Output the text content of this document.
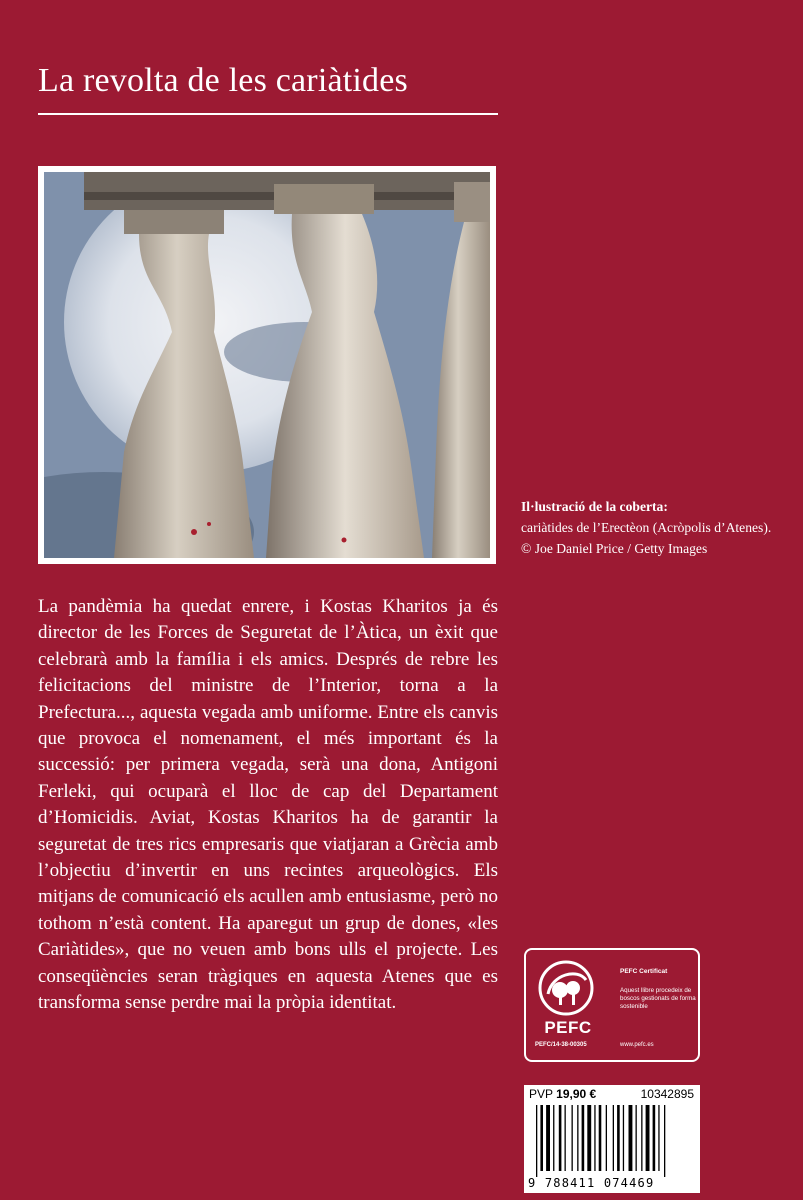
La revolta de les cariàtides
Il·lustració de la coberta:
cariàtides de l’Erectèon (Acròpolis d’Atenes). © Joe Daniel Price / Getty Images
La pandèmia ha quedat enrere, i Kostas Kharitos ja és director de les Forces de Seguretat de l’Àtica, un èxit que celebrarà amb la família i els amics. Després de rebre les felicitacions del ministre de l’Interior, torna a la Prefectura..., aquesta vegada amb uniforme. Entre els canvis que provoca el nomenament, el més important és la successió: per primera vegada, serà una dona, Antigoni Ferleki, qui ocuparà el lloc de cap del Departament d’Homicidis. Aviat, Kostas Kharitos ha de garantir la seguretat de tres rics empresaris que viatjaran a Grècia amb l’objectiu d’invertir en uns recintes arqueològics. Els mitjans de comunicació els acullen amb entusiasme, però no tothom n’està content. Ha aparegut un grup de dones, «les Cariàtides», que no veuen amb bons ulls el projecte. Les conseqüències seran tràgiques en aquesta Atenes que es transforma sense perdre mai la pròpia identitat.
PEFC
PEFC/14-38-00305
PEFC Certificat
Aquest llibre procedeix de boscos gestionats de forma sostenible
www.pefc.es
PVP 19,90 €	10342895
9 788411 074469
